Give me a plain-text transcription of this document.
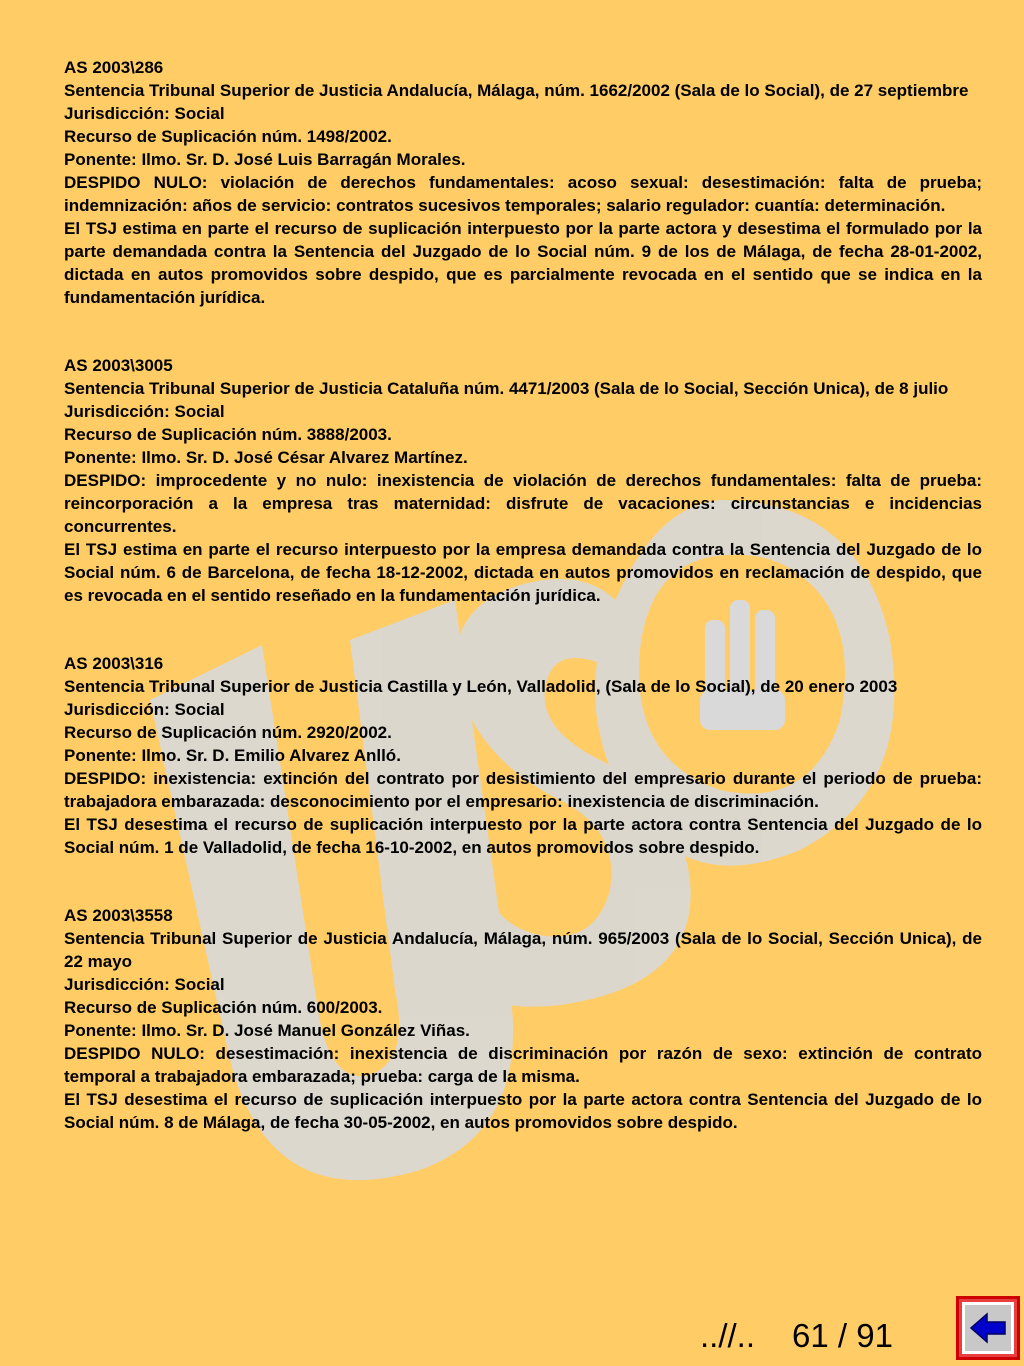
AS 2003\286
Sentencia Tribunal Superior de Justicia Andalucía, Málaga, núm. 1662/2002 (Sala de lo Social), de 27 septiembre
Jurisdicción: Social
Recurso de Suplicación núm. 1498/2002.
Ponente: Ilmo. Sr. D. José Luis Barragán Morales.
DESPIDO NULO: violación de derechos fundamentales: acoso sexual: desestimación: falta de prueba; indemnización: años de servicio: contratos sucesivos temporales; salario regulador: cuantía: determinación.
El TSJ estima en parte el recurso de suplicación interpuesto por la parte actora y desestima el formulado por la parte demandada contra la Sentencia del Juzgado de lo Social núm. 9 de los de Málaga, de fecha 28-01-2002, dictada en autos promovidos sobre despido, que es parcialmente revocada en el sentido que se indica en la fundamentación jurídica.
AS 2003\3005
Sentencia Tribunal Superior de Justicia Cataluña núm. 4471/2003 (Sala de lo Social, Sección Unica), de 8 julio
Jurisdicción: Social
Recurso de Suplicación núm. 3888/2003.
Ponente: Ilmo. Sr. D. José César Alvarez Martínez.
DESPIDO: improcedente y no nulo: inexistencia de violación de derechos fundamentales: falta de prueba: reincorporación a la empresa tras maternidad: disfrute de vacaciones: circunstancias e incidencias concurrentes.
El TSJ estima en parte el recurso interpuesto por la empresa demandada contra la Sentencia del Juzgado de lo Social núm. 6 de Barcelona, de fecha 18-12-2002, dictada en autos promovidos en reclamación de despido, que es revocada en el sentido reseñado en la fundamentación jurídica.
AS 2003\316
Sentencia Tribunal Superior de Justicia Castilla y León, Valladolid, (Sala de lo Social), de 20 enero 2003
Jurisdicción: Social
Recurso de Suplicación núm. 2920/2002.
Ponente: Ilmo. Sr. D. Emilio Alvarez Anlló.
DESPIDO: inexistencia: extinción del contrato por desistimiento del empresario durante el periodo de prueba: trabajadora embarazada: desconocimiento por el empresario: inexistencia de discriminación.
El TSJ desestima el recurso de suplicación interpuesto por la parte actora contra Sentencia del Juzgado de lo Social núm. 1 de Valladolid, de fecha 16-10-2002, en autos promovidos sobre despido.
AS 2003\3558
Sentencia Tribunal Superior de Justicia Andalucía, Málaga, núm. 965/2003 (Sala de lo Social, Sección Unica), de 22 mayo
Jurisdicción: Social
Recurso de Suplicación núm. 600/2003.
Ponente: Ilmo. Sr. D. José Manuel González Viñas.
DESPIDO NULO: desestimación: inexistencia de discriminación por razón de sexo: extinción de contrato temporal a trabajadora embarazada; prueba: carga de la misma.
El TSJ desestima el recurso de suplicación interpuesto por la parte actora contra Sentencia del Juzgado de lo Social núm. 8 de Málaga, de fecha 30-05-2002, en autos promovidos sobre despido.
..//.. 61 / 91
